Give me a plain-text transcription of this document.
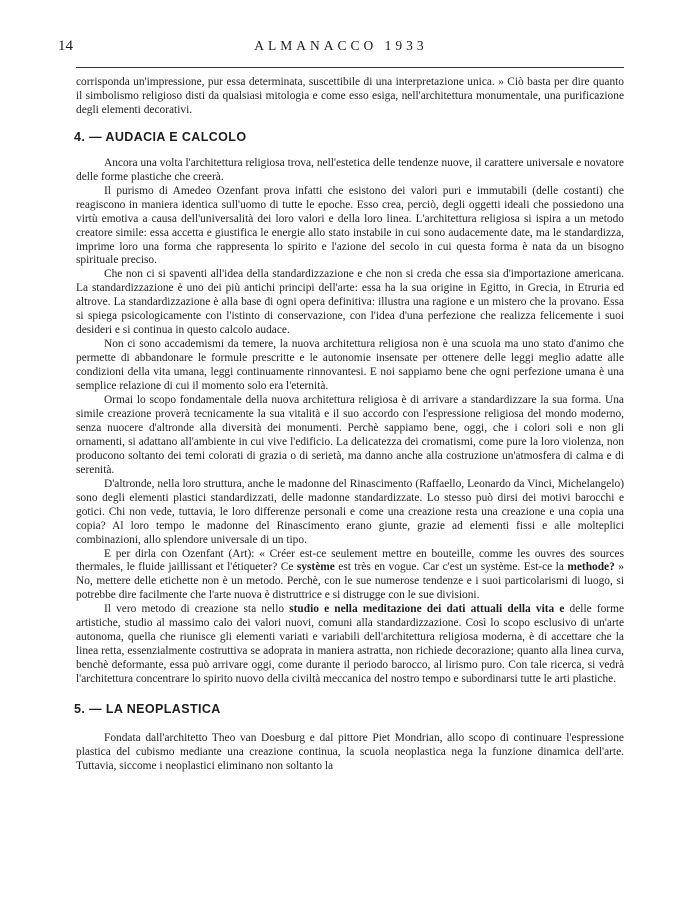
14	ALMANACCO 1933

corrisponda un'impressione, pur essa determinata, suscettibile di una interpretazione unica. » Ciò basta per dire quanto il simbolismo religioso disti da qualsiasi mitologia e come esso esiga, nell'architettura monumentale, una purificazione degli elementi decorativi.

4. — AUDACIA E CALCOLO

Ancora una volta l'architettura religiosa trova, nell'estetica delle tendenze nuove, il carattere universale e novatore delle forme plastiche che creerà.

Il purismo di Amedeo Ozenfant prova infatti che esistono dei valori puri e immutabili (delle costanti) che reagiscono in maniera identica sull'uomo di tutte le epoche. Esso crea, perciò, degli oggetti ideali che possiedono una virtù emotiva a causa dell'universalità dei loro valori e della loro linea. L'architettura religiosa si ispira a un metodo creatore simile: essa accetta e giustifica le energie allo stato instabile in cui sono audacemente date, ma le standardizza, imprime loro una forma che rappresenta lo spirito e l'azione del secolo in cui questa forma è nata da un bisogno spirituale preciso.

Che non ci si spaventi all'idea della standardizzazione e che non si creda che essa sia d'importazione americana. La standardizzazione è uno dei più antichi principi dell'arte: essa ha la sua origine in Egitto, in Grecia, in Etruria ed altrove. La standardizzazione è alla base di ogni opera definitiva: illustra una ragione e un mistero che la provano. Essa si spiega psicologicamente con l'istinto di conservazione, con l'idea d'una perfezione che realizza felicemente i suoi desideri e si continua in questo calcolo audace.

Non ci sono accademismi da temere, la nuova architettura religiosa non è una scuola ma uno stato d'animo che permette di abbandonare le formule prescritte e le autonomie insensate per ottenere delle leggi meglio adatte alle condizioni della vita umana, leggi continuamente rinnovantesi. E noi sappiamo bene che ogni perfezione umana è una semplice relazione di cui il momento solo era l'eternità.

Ormai lo scopo fondamentale della nuova architettura religiosa è di arrivare a standardizzare la sua forma. Una simile creazione proverà tecnicamente la sua vitalità e il suo accordo con l'espressione religiosa del mondo moderno, senza nuocere d'altronde alla diversità dei monumenti. Perchè sappiamo bene, oggi, che i colori soli e non gli ornamenti, si adattano all'ambiente in cui vive l'edificio. La delicatezza dei cromatismi, come pure la loro violenza, non producono soltanto dei temi colorati di grazia o di serietà, ma danno anche alla costruzione un'atmosfera di calma e di serenità.

D'altronde, nella loro struttura, anche le madonne del Rinascimento (Raffaello, Leonardo da Vinci, Michelangelo) sono degli elementi plastici standardizzati, delle madonne standardizzate. Lo stesso può dirsi dei motivi barocchi e gotici. Chi non vede, tuttavia, le loro differenze personali e come una creazione resta una creazione e una copia una copia? Al loro tempo le madonne del Rinascimento erano giunte, grazie ad elementi fissi e alle molteplici combinazioni, allo splendore universale di un tipo.

E per dirla con Ozenfant (Art): « Créer est-ce seulement mettre en bouteille, comme les ouvres des sources thermales, le fluide jaillissant et l'étiqueter? Ce système est très en vogue. Car c'est un système. Est-ce la methode? » No, mettere delle etichette non è un metodo. Perchè, con le sue numerose tendenze e i suoi particolarismi di luogo, si potrebbe dire facilmente che l'arte nuova è distruttrice e si distrugge con le sue divisioni.

Il vero metodo di creazione sta nello studio e nella meditazione dei dati attuali della vita e delle forme artistiche, studio al massimo calo dei valori nuovi, comuni alla standardizzazione. Così lo scopo esclusivo di un'arte autonoma, quella che riunisce gli elementi variati e variabili dell'architettura religiosa moderna, è di accettare che la linea retta, essenzialmente costruttiva se adoprata in maniera astratta, non richiede decorazione; quanto alla linea curva, benchè deformante, essa può arrivare oggi, come durante il periodo barocco, al lirismo puro. Con tale ricerca, si vedrà l'architettura concentrare lo spirito nuovo della civiltà meccanica del nostro tempo e subordinarsi tutte le arti plastiche.

5. — LA NEOPLASTICA

Fondata dall'architetto Theo van Doesburg e dal pittore Piet Mondrian, allo scopo di continuare l'espressione plastica del cubismo mediante una creazione continua, la scuola neoplastica nega la funzione dinamica dell'arte. Tuttavia, siccome i neoplastici eliminano non soltanto la
